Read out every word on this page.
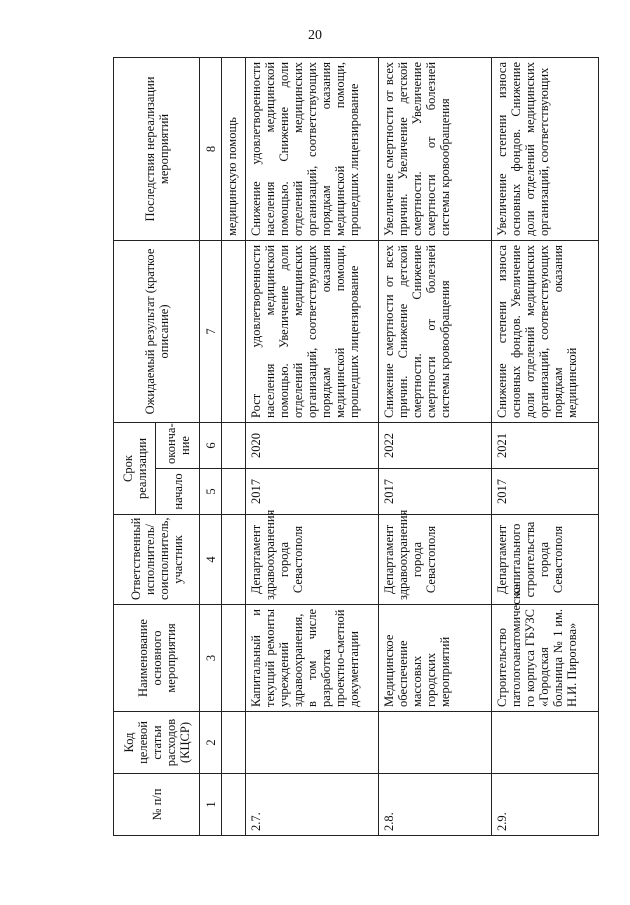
20
№ п/п	Код целевой статьи расходов (КЦСР)	Наименование основного мероприятия	Ответственный исполнитель/ соисполнитель, участник	Срок реализации		Ожидаемый результат (краткое описание)	Последствия нереализации мероприятий
				начало	оконча-ние		
1	2	3	4	5	6	7	8
							медицинскую помощь
2.7.		Капитальный и текущий ремонты учреждений здравоохранения, в том числе разработка проектно-сметной документации	Департамент здравоохранения города Севастополя	2017	2020	Рост удовлетворенности населения медицинской помощью. Увеличение доли отделений медицинских организаций, соответствующих порядкам оказания медицинской помощи, прошедших лицензирование	Снижение удовлетворенности населения медицинской помощью. Снижение доли отделений медицинских организаций, соответствующих порядкам оказания медицинской помощи, прошедших лицензирование
2.8.		Медицинское обеспечение массовых городских мероприятий	Департамент здравоохранения города Севастополя	2017	2022	Снижение смертности от всех причин. Снижение детской смертности. Снижение смертности от болезней системы кровообращения	Увеличение смертности от всех причин. Увеличение детской смертности. Увеличение смертности от болезней системы кровообращения
2.9.		Строительство патологоанатомическо-го корпуса ГБУЗС «Городская больница № 1 им. Н.И. Пирогова»	Департамент капитального строительства города Севастополя	2017	2021	Снижение степени износа основных фондов. Увеличение доли отделений медицинских организаций, соответствующих порядкам оказания медицинской	Увеличение степени износа основных фондов. Снижение доли отделений медицинских организаций, соответствующих
